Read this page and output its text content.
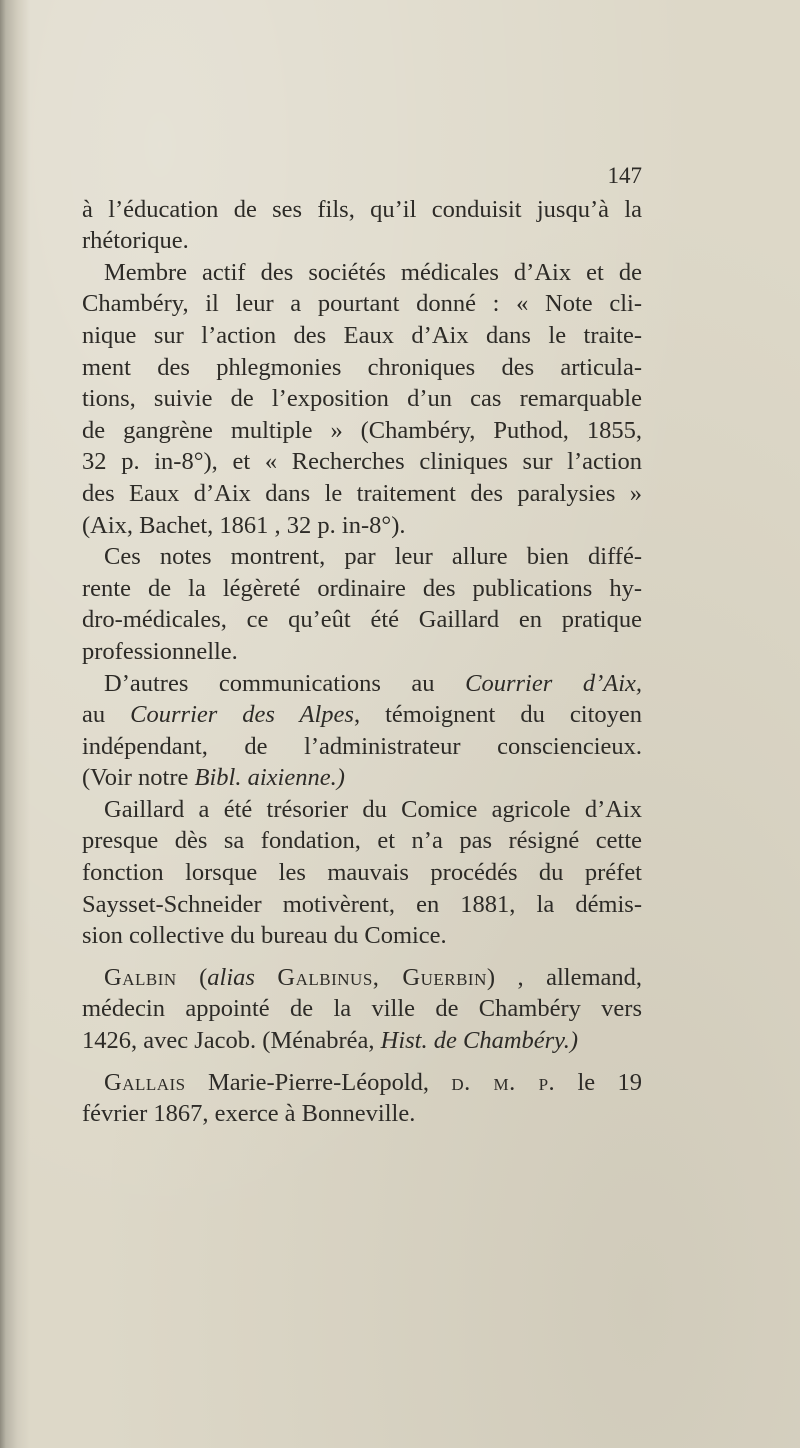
147
à l’éducation de ses fils, qu’il conduisit jusqu’à la
rhétorique.
Membre actif des sociétés médicales d’Aix et de
Chambéry, il leur a pourtant donné : « Note cli-
nique sur l’action des Eaux d’Aix dans le traite-
ment des phlegmonies chroniques des articula-
tions, suivie de l’exposition d’un cas remarquable
de gangrène multiple » (Chambéry, Puthod, 1855,
32 p. in-8°), et « Recherches cliniques sur l’action
des Eaux d’Aix dans le traitement des paralysies »
(Aix, Bachet, 1861 , 32 p. in-8°).
Ces notes montrent, par leur allure bien diffé-
rente de la légèreté ordinaire des publications hy-
dro-médicales, ce qu’eût été Gaillard en pratique
professionnelle.
D’autres communications au Courrier d’Aix,
au Courrier des Alpes, témoignent du citoyen
indépendant, de l’administrateur consciencieux.
(Voir notre Bibl. aixienne.)
Gaillard a été trésorier du Comice agricole d’Aix
presque dès sa fondation, et n’a pas résigné cette
fonction lorsque les mauvais procédés du préfet
Saysset-Schneider motivèrent, en 1881, la démis-
sion collective du bureau du Comice.
Galbin (alias Galbinus, Guerbin) , allemand,
médecin appointé de la ville de Chambéry vers
1426, avec Jacob. (Ménabréa, Hist. de Chambéry.)
Gallais Marie-Pierre-Léopold, d. m. p. le 19
février 1867, exerce à Bonneville.
